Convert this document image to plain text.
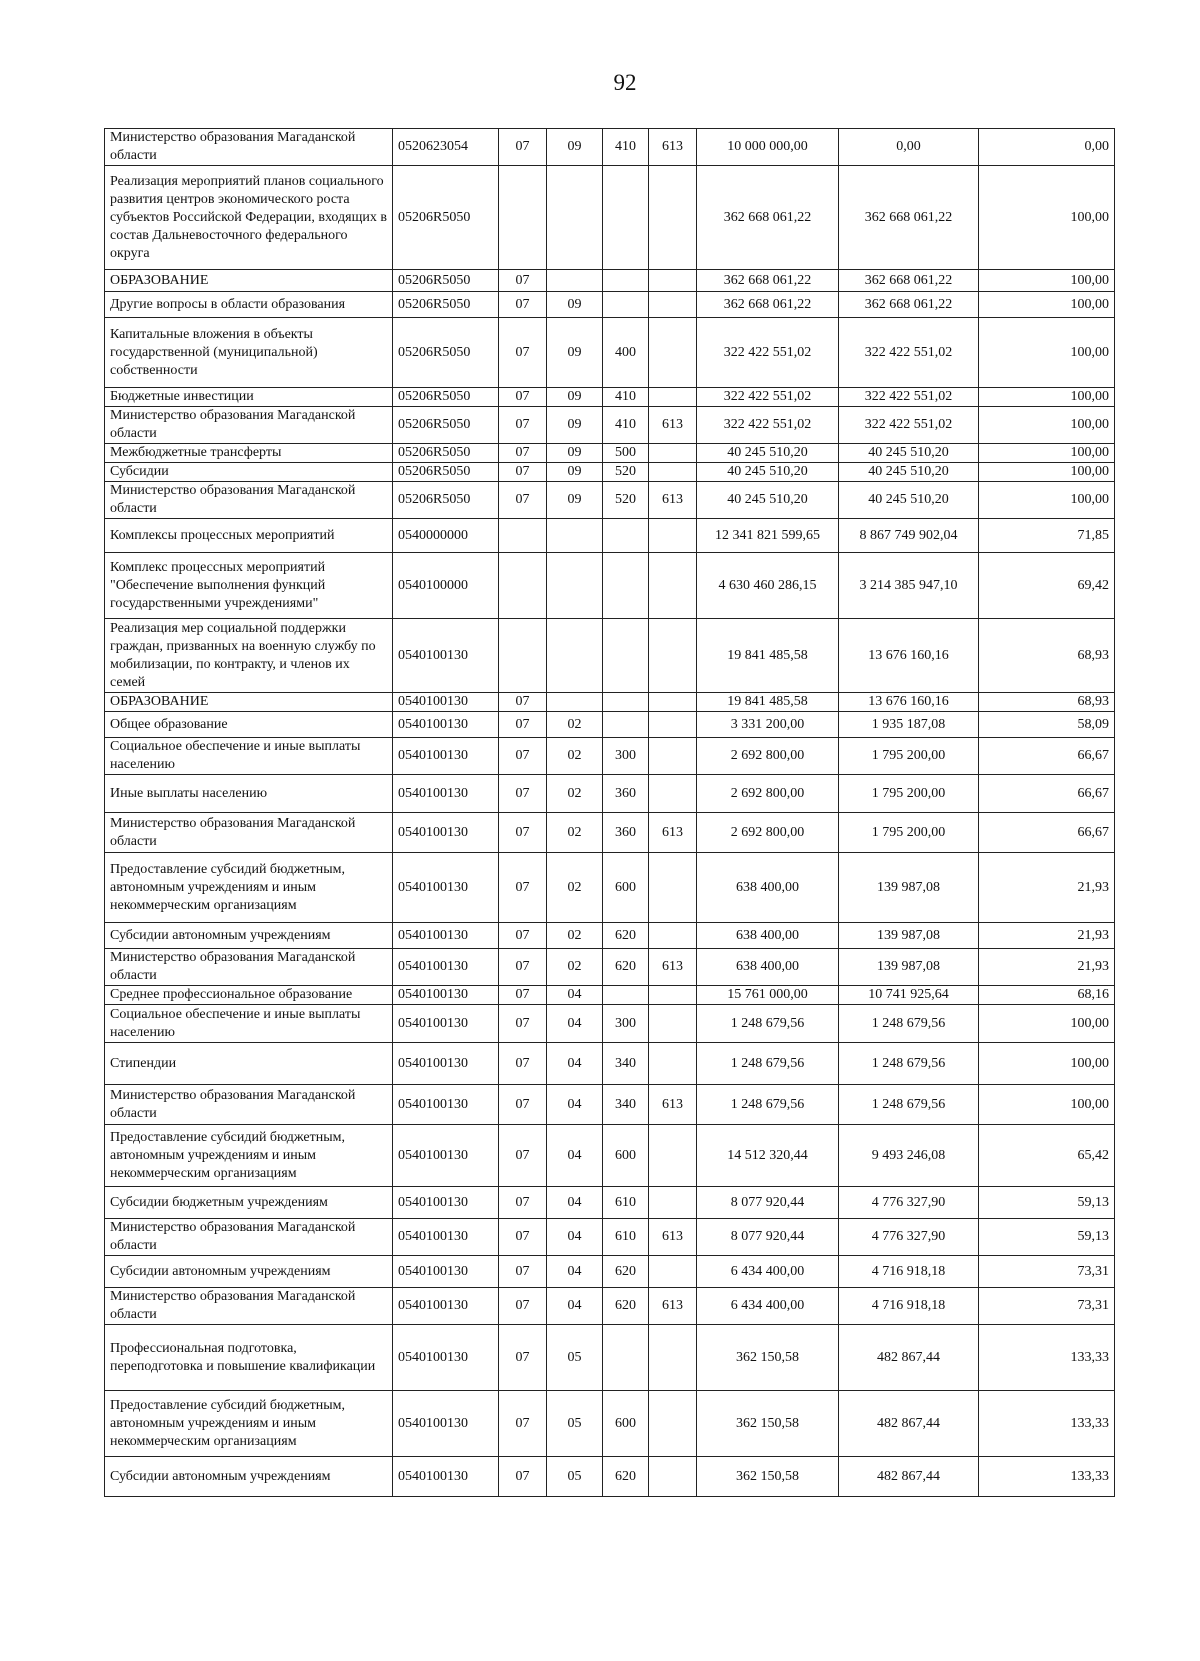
92
Министерство образования Магаданской области	0520623054	07	09	410	613	10 000 000,00	0,00	0,00
Реализация мероприятий планов социального развития центров экономического роста субъектов Российской Федерации, входящих в состав Дальневосточного федерального округа	05206R5050					362 668 061,22	362 668 061,22	100,00
ОБРАЗОВАНИЕ	05206R5050	07				362 668 061,22	362 668 061,22	100,00
Другие вопросы в области образования	05206R5050	07	09			362 668 061,22	362 668 061,22	100,00
Капитальные вложения в объекты государственной (муниципальной) собственности	05206R5050	07	09	400		322 422 551,02	322 422 551,02	100,00
Бюджетные инвестиции	05206R5050	07	09	410		322 422 551,02	322 422 551,02	100,00
Министерство образования Магаданской области	05206R5050	07	09	410	613	322 422 551,02	322 422 551,02	100,00
Межбюджетные трансферты	05206R5050	07	09	500		40 245 510,20	40 245 510,20	100,00
Субсидии	05206R5050	07	09	520		40 245 510,20	40 245 510,20	100,00
Министерство образования Магаданской области	05206R5050	07	09	520	613	40 245 510,20	40 245 510,20	100,00
Комплексы процессных мероприятий	0540000000					12 341 821 599,65	8 867 749 902,04	71,85
Комплекс процессных мероприятий "Обеспечение выполнения функций государственными учреждениями"	0540100000					4 630 460 286,15	3 214 385 947,10	69,42
Реализация мер социальной поддержки граждан, призванных на военную службу по мобилизации, по контракту, и членов их семей	0540100130					19 841 485,58	13 676 160,16	68,93
ОБРАЗОВАНИЕ	0540100130	07				19 841 485,58	13 676 160,16	68,93
Общее образование	0540100130	07	02			3 331 200,00	1 935 187,08	58,09
Социальное обеспечение и иные выплаты населению	0540100130	07	02	300		2 692 800,00	1 795 200,00	66,67
Иные выплаты населению	0540100130	07	02	360		2 692 800,00	1 795 200,00	66,67
Министерство образования Магаданской области	0540100130	07	02	360	613	2 692 800,00	1 795 200,00	66,67
Предоставление субсидий бюджетным, автономным учреждениям и иным некоммерческим организациям	0540100130	07	02	600		638 400,00	139 987,08	21,93
Субсидии автономным учреждениям	0540100130	07	02	620		638 400,00	139 987,08	21,93
Министерство образования Магаданской области	0540100130	07	02	620	613	638 400,00	139 987,08	21,93
Среднее профессиональное образование	0540100130	07	04			15 761 000,00	10 741 925,64	68,16
Социальное обеспечение и иные выплаты населению	0540100130	07	04	300		1 248 679,56	1 248 679,56	100,00
Стипендии	0540100130	07	04	340		1 248 679,56	1 248 679,56	100,00
Министерство образования Магаданской области	0540100130	07	04	340	613	1 248 679,56	1 248 679,56	100,00
Предоставление субсидий бюджетным, автономным учреждениям и иным некоммерческим организациям	0540100130	07	04	600		14 512 320,44	9 493 246,08	65,42
Субсидии бюджетным учреждениям	0540100130	07	04	610		8 077 920,44	4 776 327,90	59,13
Министерство образования Магаданской области	0540100130	07	04	610	613	8 077 920,44	4 776 327,90	59,13
Субсидии автономным учреждениям	0540100130	07	04	620		6 434 400,00	4 716 918,18	73,31
Министерство образования Магаданской области	0540100130	07	04	620	613	6 434 400,00	4 716 918,18	73,31
Профессиональная подготовка, переподготовка и повышение квалификации	0540100130	07	05			362 150,58	482 867,44	133,33
Предоставление субсидий бюджетным, автономным учреждениям и иным некоммерческим организациям	0540100130	07	05	600		362 150,58	482 867,44	133,33
Субсидии автономным учреждениям	0540100130	07	05	620		362 150,58	482 867,44	133,33
